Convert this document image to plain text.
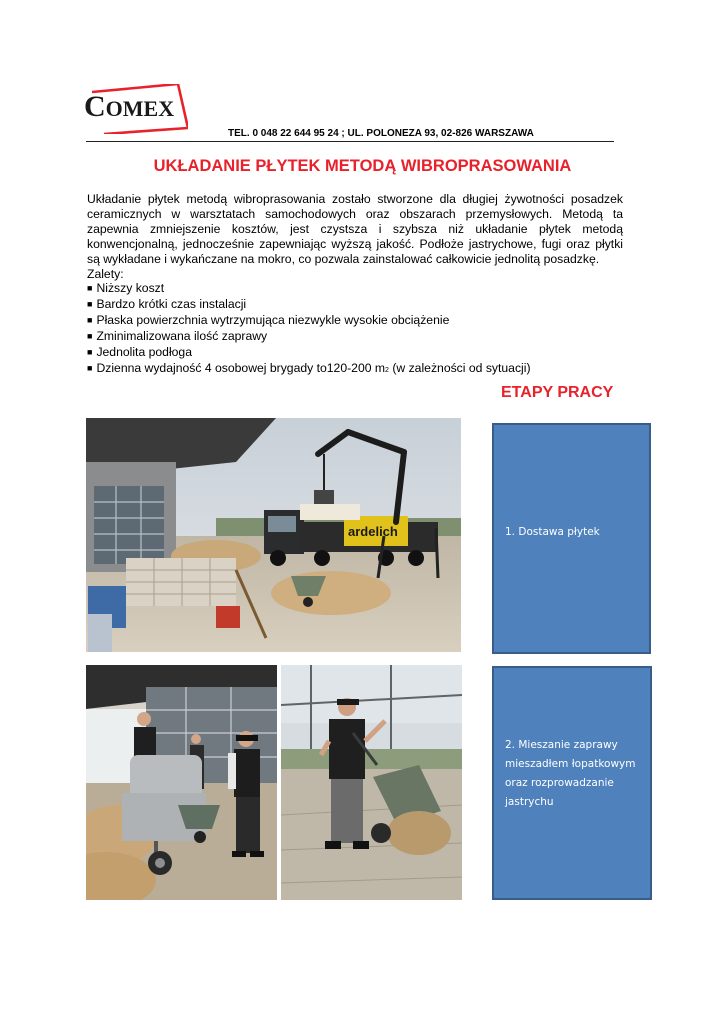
COMEX
TEL. 0 048 22 644 95 24 ; UL. POLONEZA 93, 02-826 WARSZAWA
UKŁADANIE PŁYTEK METODĄ WIBROPRASOWANIA
Układanie płytek metodą wibroprasowania zostało stworzone dla długiej żywotności posadzek ceramicznych w warsztatach samochodowych oraz obszarach przemysłowych. Metodą ta zapewnia zmniejszenie kosztów, jest czystsza i szybsza niż układanie płytek metodą konwencjonalną, jednocześnie zapewniając wyższą jakość. Podłoże jastrychowe, fugi oraz płytki są wykładane i wykańczane na mokro, co pozwala zainstalować całkowicie jednolitą posadzkę.
Zalety:
■ Niższy koszt
■ Bardzo krótki czas instalacji
■ Płaska powierzchnia wytrzymująca niezwykle wysokie obciążenie
■ Zminimalizowana ilość zaprawy
■ Jednolita podłoga
■ Dzienna wydajność 4 osobowej brygady to120-200 m2 (w zależności od sytuacji)
ETAPY PRACY
ardelich	1. Dostawa płytek
2. Mieszanie zaprawy mieszadłem łopatkowym oraz rozprowadzanie jastrychu
